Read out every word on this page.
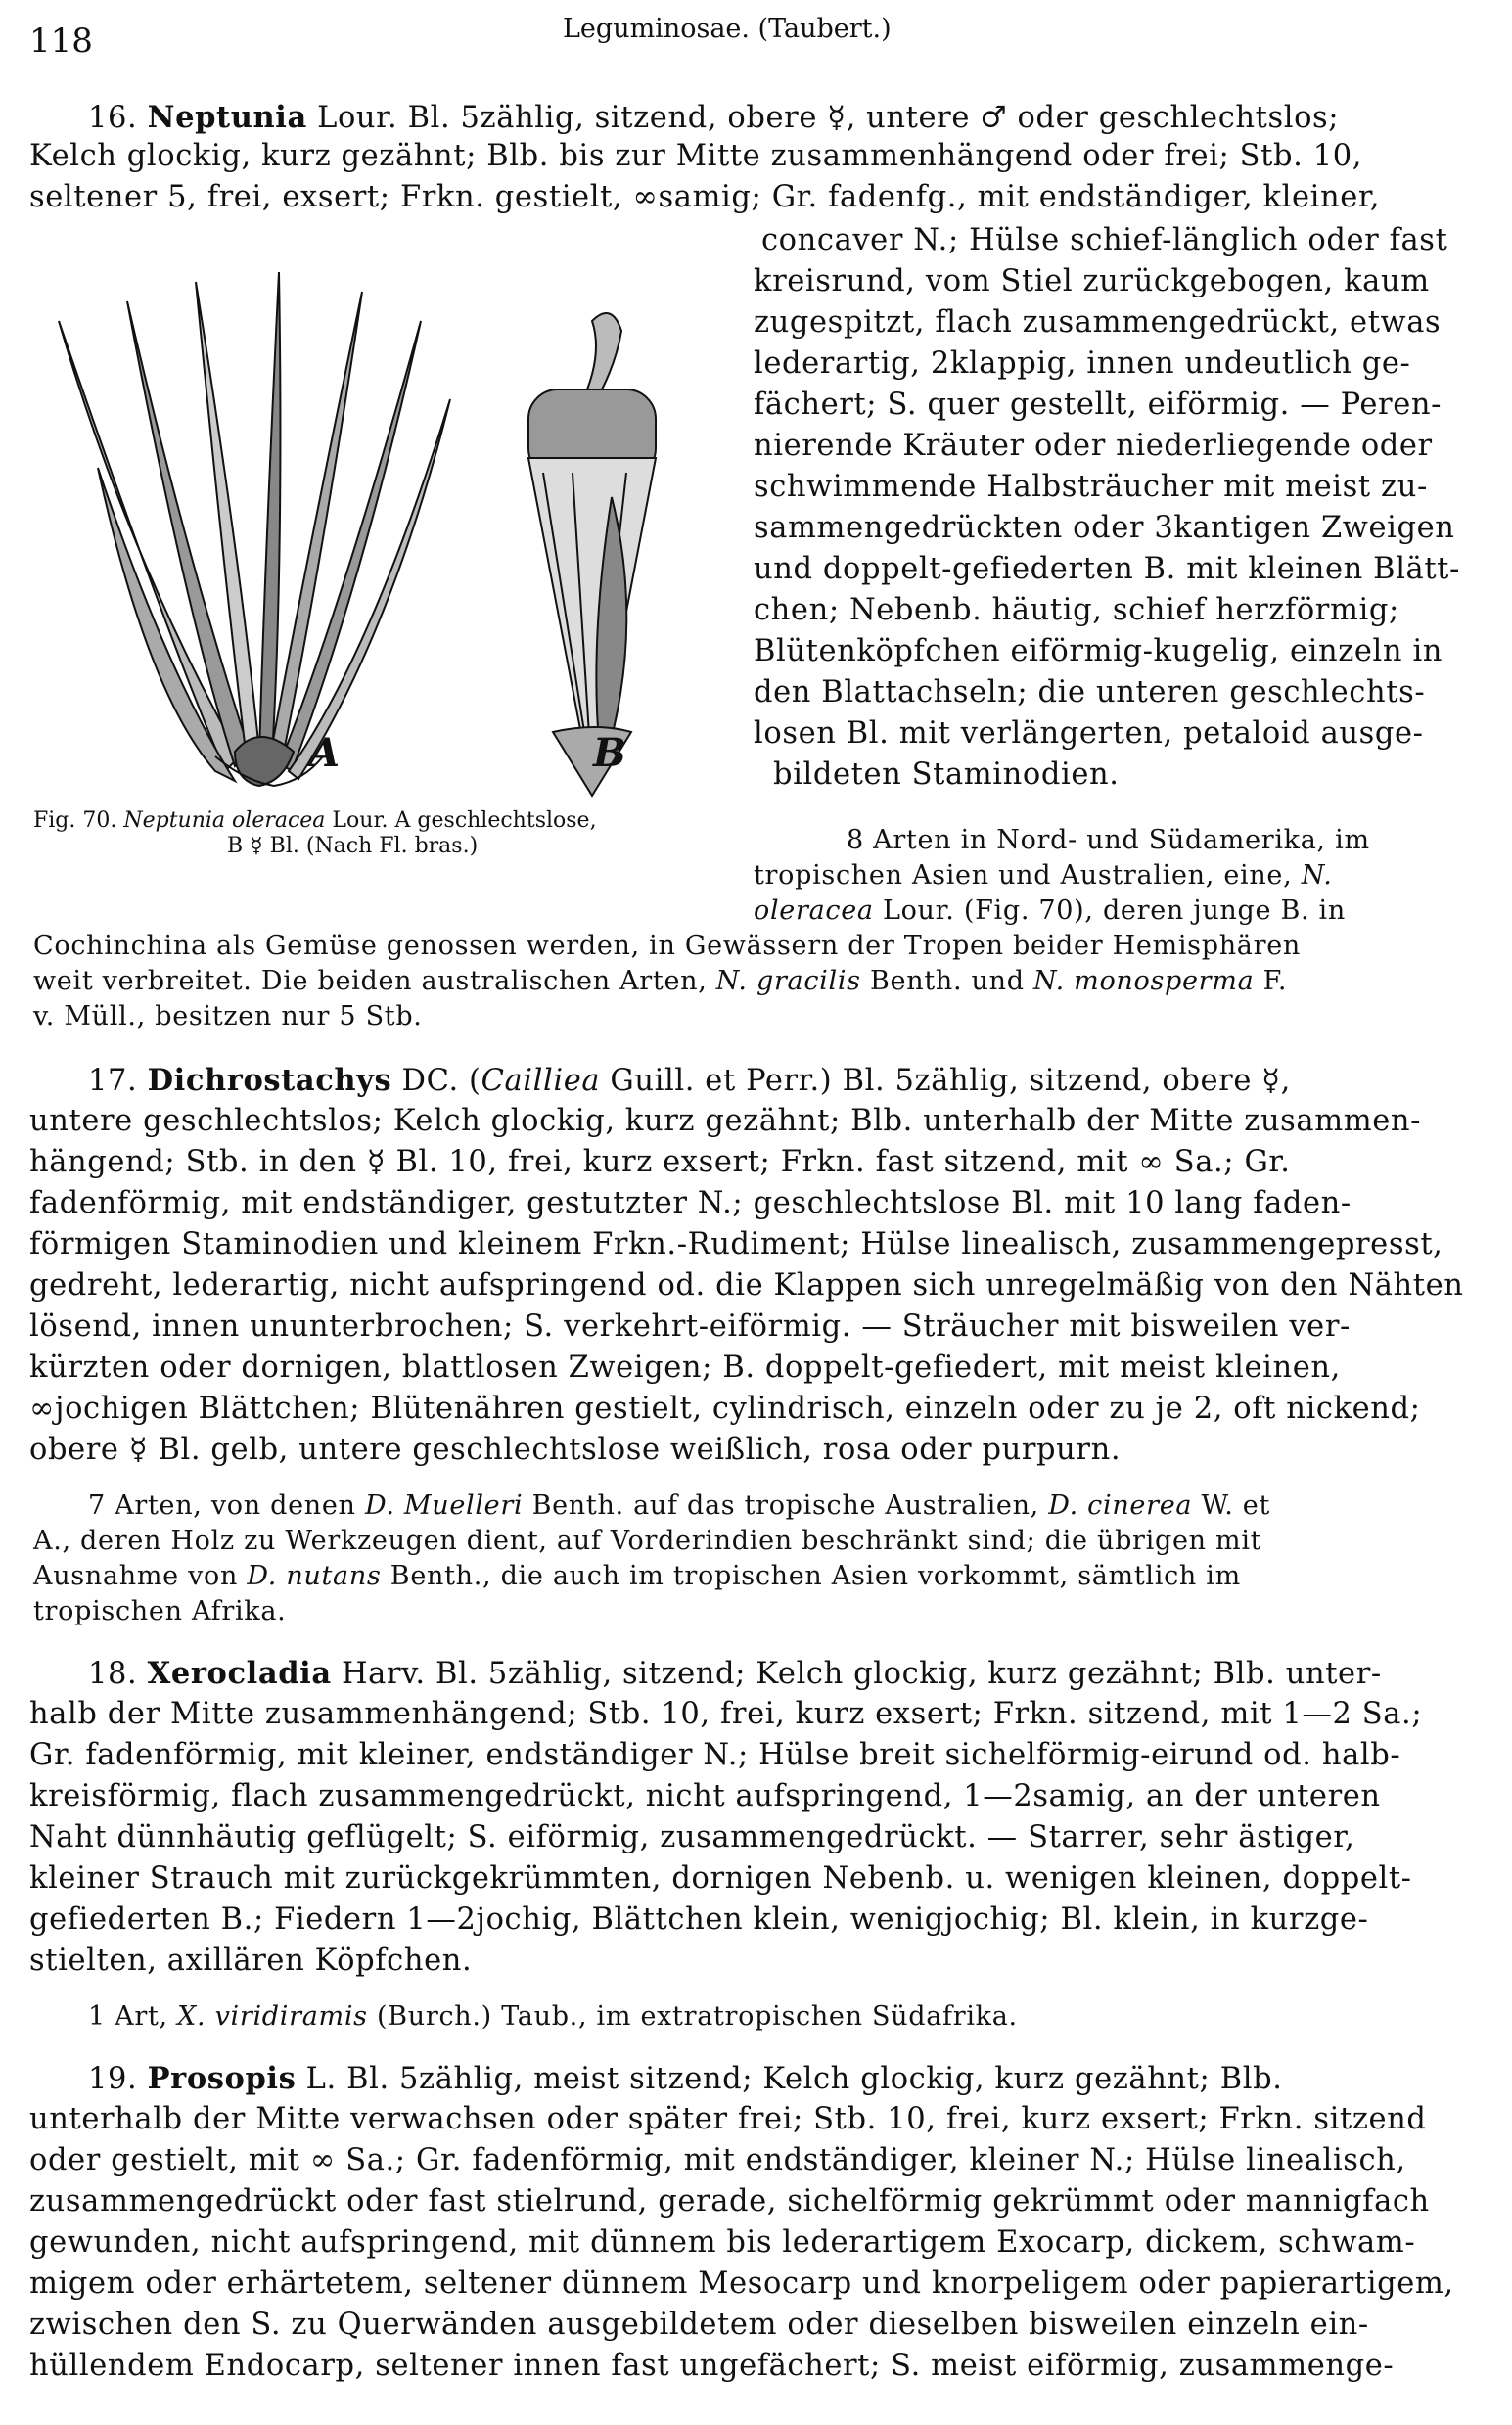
118	Leguminosae. (Taubert.)
16. Neptunia Lour. Bl. 5zählig, sitzend, obere ☿, untere ♂ oder geschlechtslos;
Kelch glockig, kurz gezähnt; Blb. bis zur Mitte zusammenhängend oder frei; Stb. 10,
seltener 5, frei, exsert; Frkn. gestielt, ∞samig; Gr. fadenfg., mit endständiger, kleiner,
concaver N.; Hülse schief-länglich oder fast
kreisrund, vom Stiel zurückgebogen, kaum
zugespitzt, flach zusammengedrückt, etwas
lederartig, 2klappig, innen undeutlich ge-
fächert; S. quer gestellt, eiförmig. — Peren-
nierende Kräuter oder niederliegende oder
schwimmende Halbsträucher mit meist zu-
sammengedrückten oder 3kantigen Zweigen
und doppelt-gefiederten B. mit kleinen Blätt-
chen; Nebenb. häutig, schief herzförmig;
Blütenköpfchen eiförmig-kugelig, einzeln in
den Blattachseln; die unteren geschlechts-
losen Bl. mit verlängerten, petaloid ausge-
bildeten Staminodien.
8 Arten in Nord- und Südamerika, im
tropischen Asien und Australien, eine, N.
oleracea Lour. (Fig. 70), deren junge B. in
Cochinchina als Gemüse genossen werden, in Gewässern der Tropen beider Hemisphären
weit verbreitet. Die beiden australischen Arten, N. gracilis Benth. und N. monosperma F.
v. Müll., besitzen nur 5 Stb.
A	B
Fig. 70. Neptunia oleracea Lour. A geschlechtslose,
B ☿ Bl. (Nach Fl. bras.)
17. Dichrostachys DC. (Cailliea Guill. et Perr.) Bl. 5zählig, sitzend, obere ☿,
untere geschlechtslos; Kelch glockig, kurz gezähnt; Blb. unterhalb der Mitte zusammen-
hängend; Stb. in den ☿ Bl. 10, frei, kurz exsert; Frkn. fast sitzend, mit ∞ Sa.; Gr.
fadenförmig, mit endständiger, gestutzter N.; geschlechtslose Bl. mit 10 lang faden-
förmigen Staminodien und kleinem Frkn.-Rudiment; Hülse linealisch, zusammengepresst,
gedreht, lederartig, nicht aufspringend od. die Klappen sich unregelmäßig von den Nähten
lösend, innen ununterbrochen; S. verkehrt-eiförmig. — Sträucher mit bisweilen ver-
kürzten oder dornigen, blattlosen Zweigen; B. doppelt-gefiedert, mit meist kleinen,
∞jochigen Blättchen; Blütenähren gestielt, cylindrisch, einzeln oder zu je 2, oft nickend;
obere ☿ Bl. gelb, untere geschlechtslose weißlich, rosa oder purpurn.
7 Arten, von denen D. Muelleri Benth. auf das tropische Australien, D. cinerea W. et
A., deren Holz zu Werkzeugen dient, auf Vorderindien beschränkt sind; die übrigen mit
Ausnahme von D. nutans Benth., die auch im tropischen Asien vorkommt, sämtlich im
tropischen Afrika.
18. Xerocladia Harv. Bl. 5zählig, sitzend; Kelch glockig, kurz gezähnt; Blb. unter-
halb der Mitte zusammenhängend; Stb. 10, frei, kurz exsert; Frkn. sitzend, mit 1—2 Sa.;
Gr. fadenförmig, mit kleiner, endständiger N.; Hülse breit sichelförmig-eirund od. halb-
kreisförmig, flach zusammengedrückt, nicht aufspringend, 1—2samig, an der unteren
Naht dünnhäutig geflügelt; S. eiförmig, zusammengedrückt. — Starrer, sehr ästiger,
kleiner Strauch mit zurückgekrümmten, dornigen Nebenb. u. wenigen kleinen, doppelt-
gefiederten B.; Fiedern 1—2jochig, Blättchen klein, wenigjochig; Bl. klein, in kurzge-
stielten, axillären Köpfchen.
1 Art, X. viridiramis (Burch.) Taub., im extratropischen Südafrika.
19. Prosopis L. Bl. 5zählig, meist sitzend; Kelch glockig, kurz gezähnt; Blb.
unterhalb der Mitte verwachsen oder später frei; Stb. 10, frei, kurz exsert; Frkn. sitzend
oder gestielt, mit ∞ Sa.; Gr. fadenförmig, mit endständiger, kleiner N.; Hülse linealisch,
zusammengedrückt oder fast stielrund, gerade, sichelförmig gekrümmt oder mannigfach
gewunden, nicht aufspringend, mit dünnem bis lederartigem Exocarp, dickem, schwam-
migem oder erhärtetem, seltener dünnem Mesocarp und knorpeligem oder papierartigem,
zwischen den S. zu Querwänden ausgebildetem oder dieselben bisweilen einzeln ein-
hüllendem Endocarp, seltener innen fast ungefächert; S. meist eiförmig, zusammenge-
